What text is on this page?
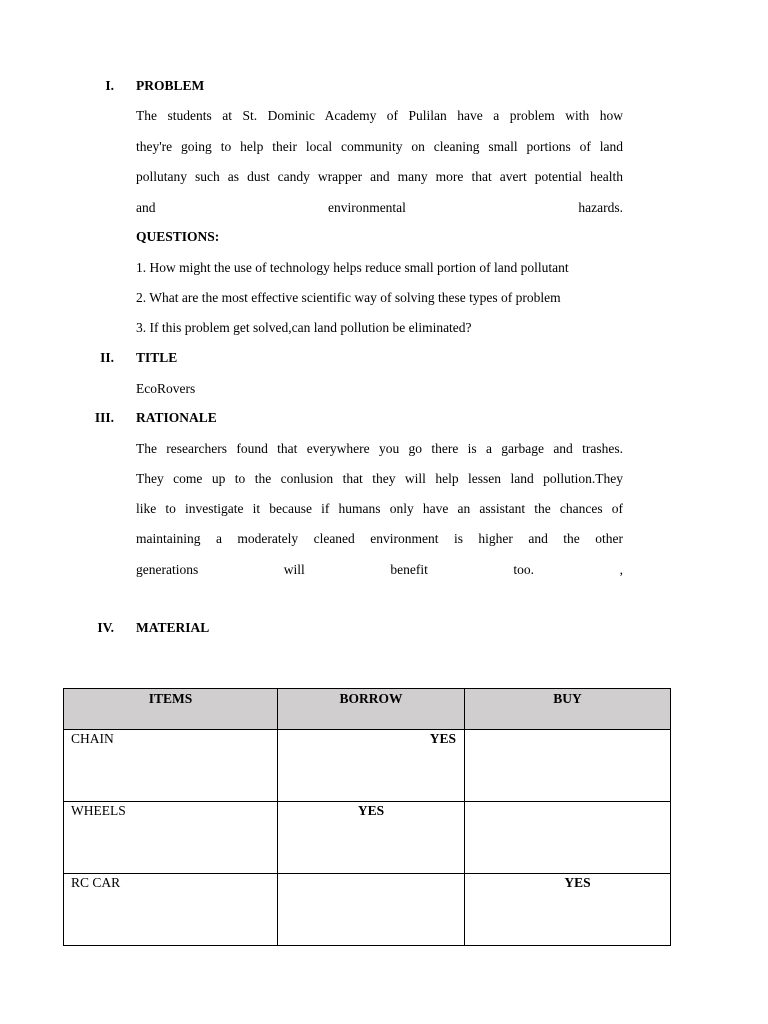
I. PROBLEM
The students at St. Dominic Academy of Pulilan have a problem with how
they're going to help their local community on cleaning small portions of land
pollutany such as dust candy wrapper and many more that avert potential health
and environmental hazards.
QUESTIONS:
1. How might the use of technology helps reduce small portion of land pollutant
2. What are the most effective scientific way of solving these types of problem
3. If this problem get solved,can land pollution be eliminated?
II. TITLE
EcoRovers
III. RATIONALE
The researchers found that everywhere you go there is a garbage and trashes.
They come up to the conlusion that they will help lessen land pollution.They
like to investigate it because if humans only have an assistant the chances of
maintaining a moderately cleaned environment is higher and the other
generations will benefit too. ,
IV. MATERIAL
ITEMS	BORROW	BUY

CHAIN	YES	

WHEELS	YES	

RC CAR		YES
